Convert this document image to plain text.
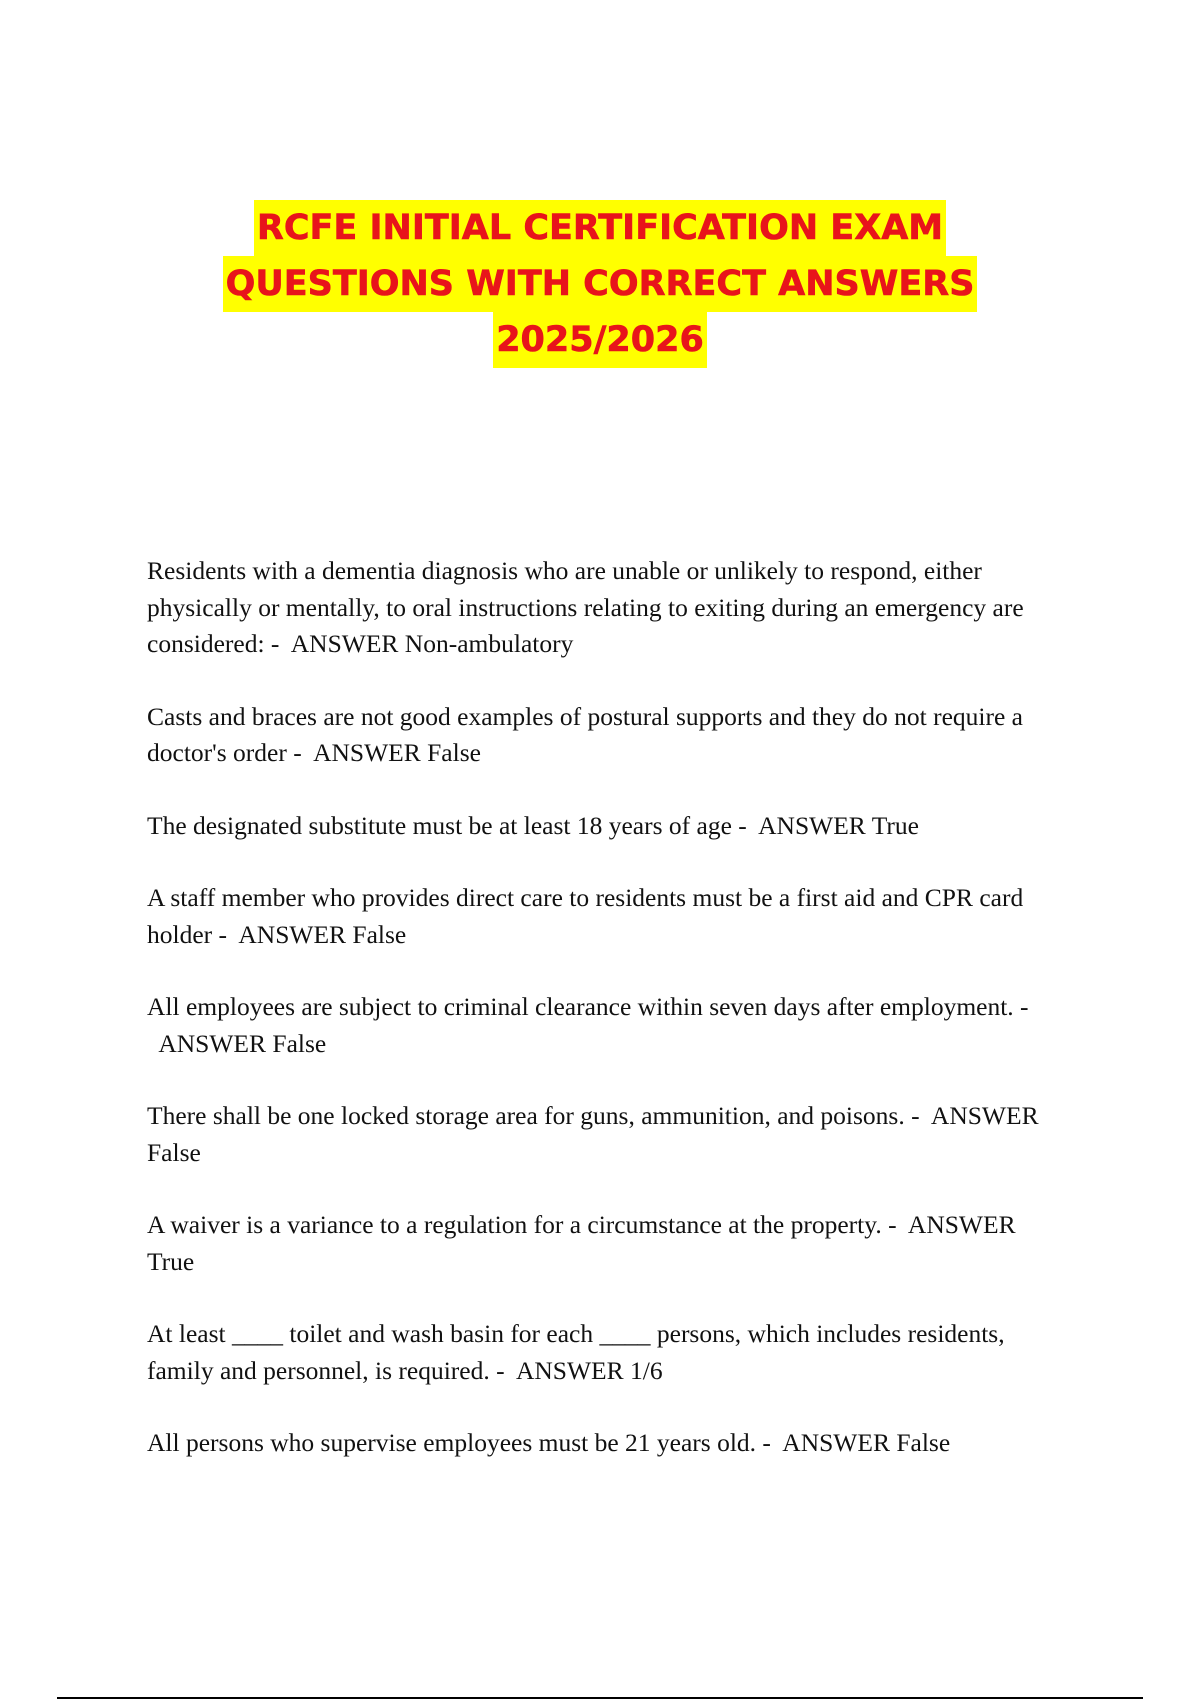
RCFE INITIAL CERTIFICATION EXAM
QUESTIONS WITH CORRECT ANSWERS
2025/2026

Residents with a dementia diagnosis who are unable or unlikely to respond, either physically or mentally, to oral instructions relating to exiting during an emergency are considered: - ANSWER Non-ambulatory

Casts and braces are not good examples of postural supports and they do not require a doctor's order - ANSWER False

The designated substitute must be at least 18 years of age - ANSWER True

A staff member who provides direct care to residents must be a first aid and CPR card holder - ANSWER False

All employees are subject to criminal clearance within seven days after employment. -  ANSWER False

There shall be one locked storage area for guns, ammunition, and poisons. - ANSWER False

A waiver is a variance to a regulation for a circumstance at the property. - ANSWER True

At least ____ toilet and wash basin for each ____ persons, which includes residents, family and personnel, is required. - ANSWER 1/6

All persons who supervise employees must be 21 years old. - ANSWER False
